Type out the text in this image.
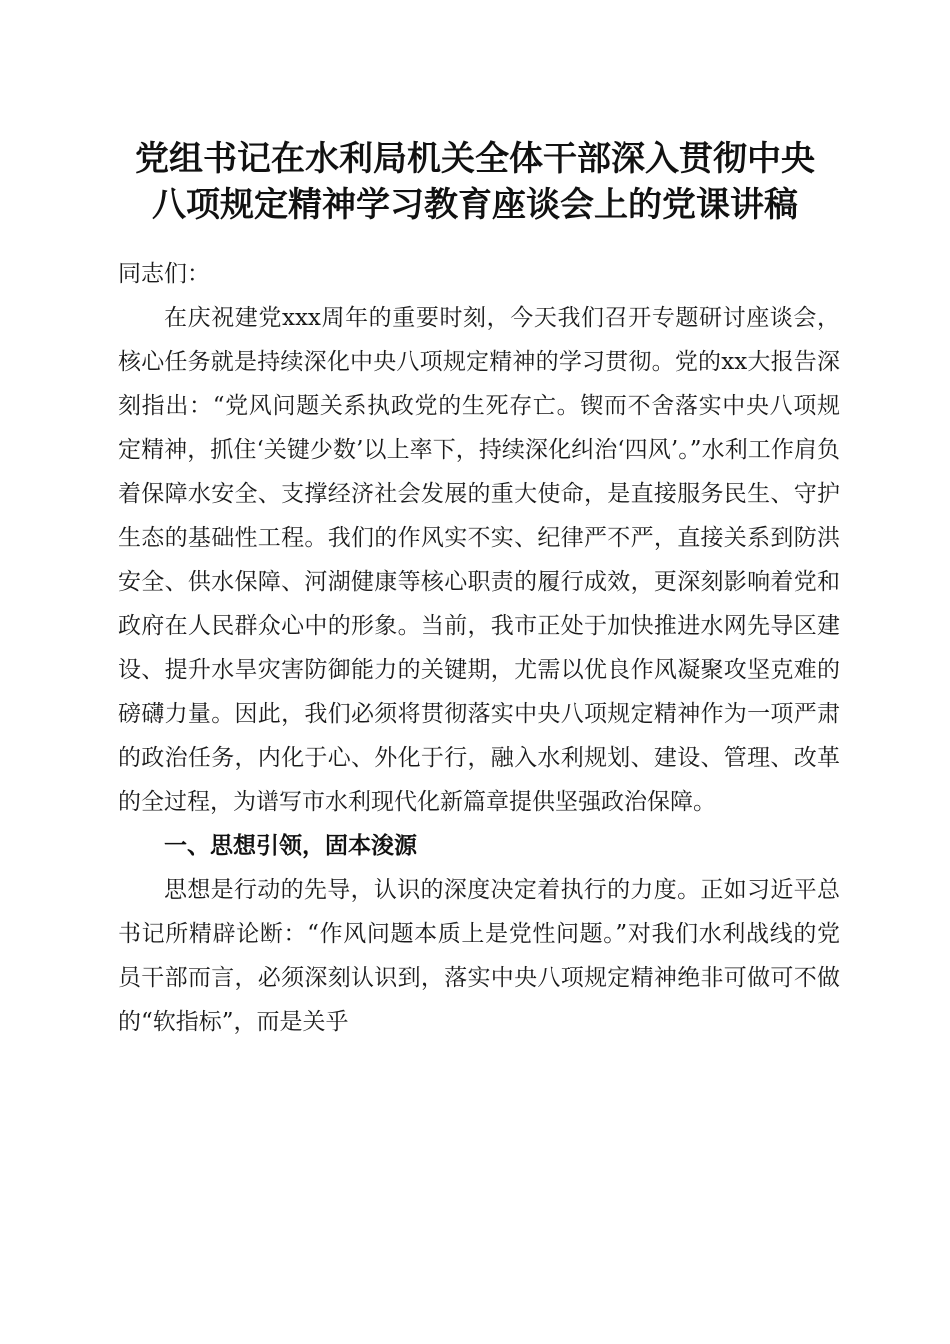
党组书记在水利局机关全体干部深入贯彻中央
八项规定精神学习教育座谈会上的党课讲稿

同志们：

在庆祝建党xxx周年的重要时刻，今天我们召开专题研讨座谈会，核心任务就是持续深化中央八项规定精神的学习贯彻。党的xx大报告深刻指出：“党风问题关系执政党的生死存亡。锲而不舍落实中央八项规定精神，抓住‘关键少数’以上率下，持续深化纠治‘四风’。”水利工作肩负着保障水安全、支撑经济社会发展的重大使命，是直接服务民生、守护生态的基础性工程。我们的作风实不实、纪律严不严，直接关系到防洪安全、供水保障、河湖健康等核心职责的履行成效，更深刻影响着党和政府在人民群众心中的形象。当前，我市正处于加快推进水网先导区建设、提升水旱灾害防御能力的关键期，尤需以优良作风凝聚攻坚克难的磅礴力量。因此，我们必须将贯彻落实中央八项规定精神作为一项严肃的政治任务，内化于心、外化于行，融入水利规划、建设、管理、改革的全过程，为谱写市水利现代化新篇章提供坚强政治保障。

一、思想引领，固本浚源

思想是行动的先导，认识的深度决定着执行的力度。正如习近平总书记所精辟论断：“作风问题本质上是党性问题。”对我们水利战线的党员干部而言，必须深刻认识到，落实中央八项规定精神绝非可做可不做的“软指标”，而是关乎
